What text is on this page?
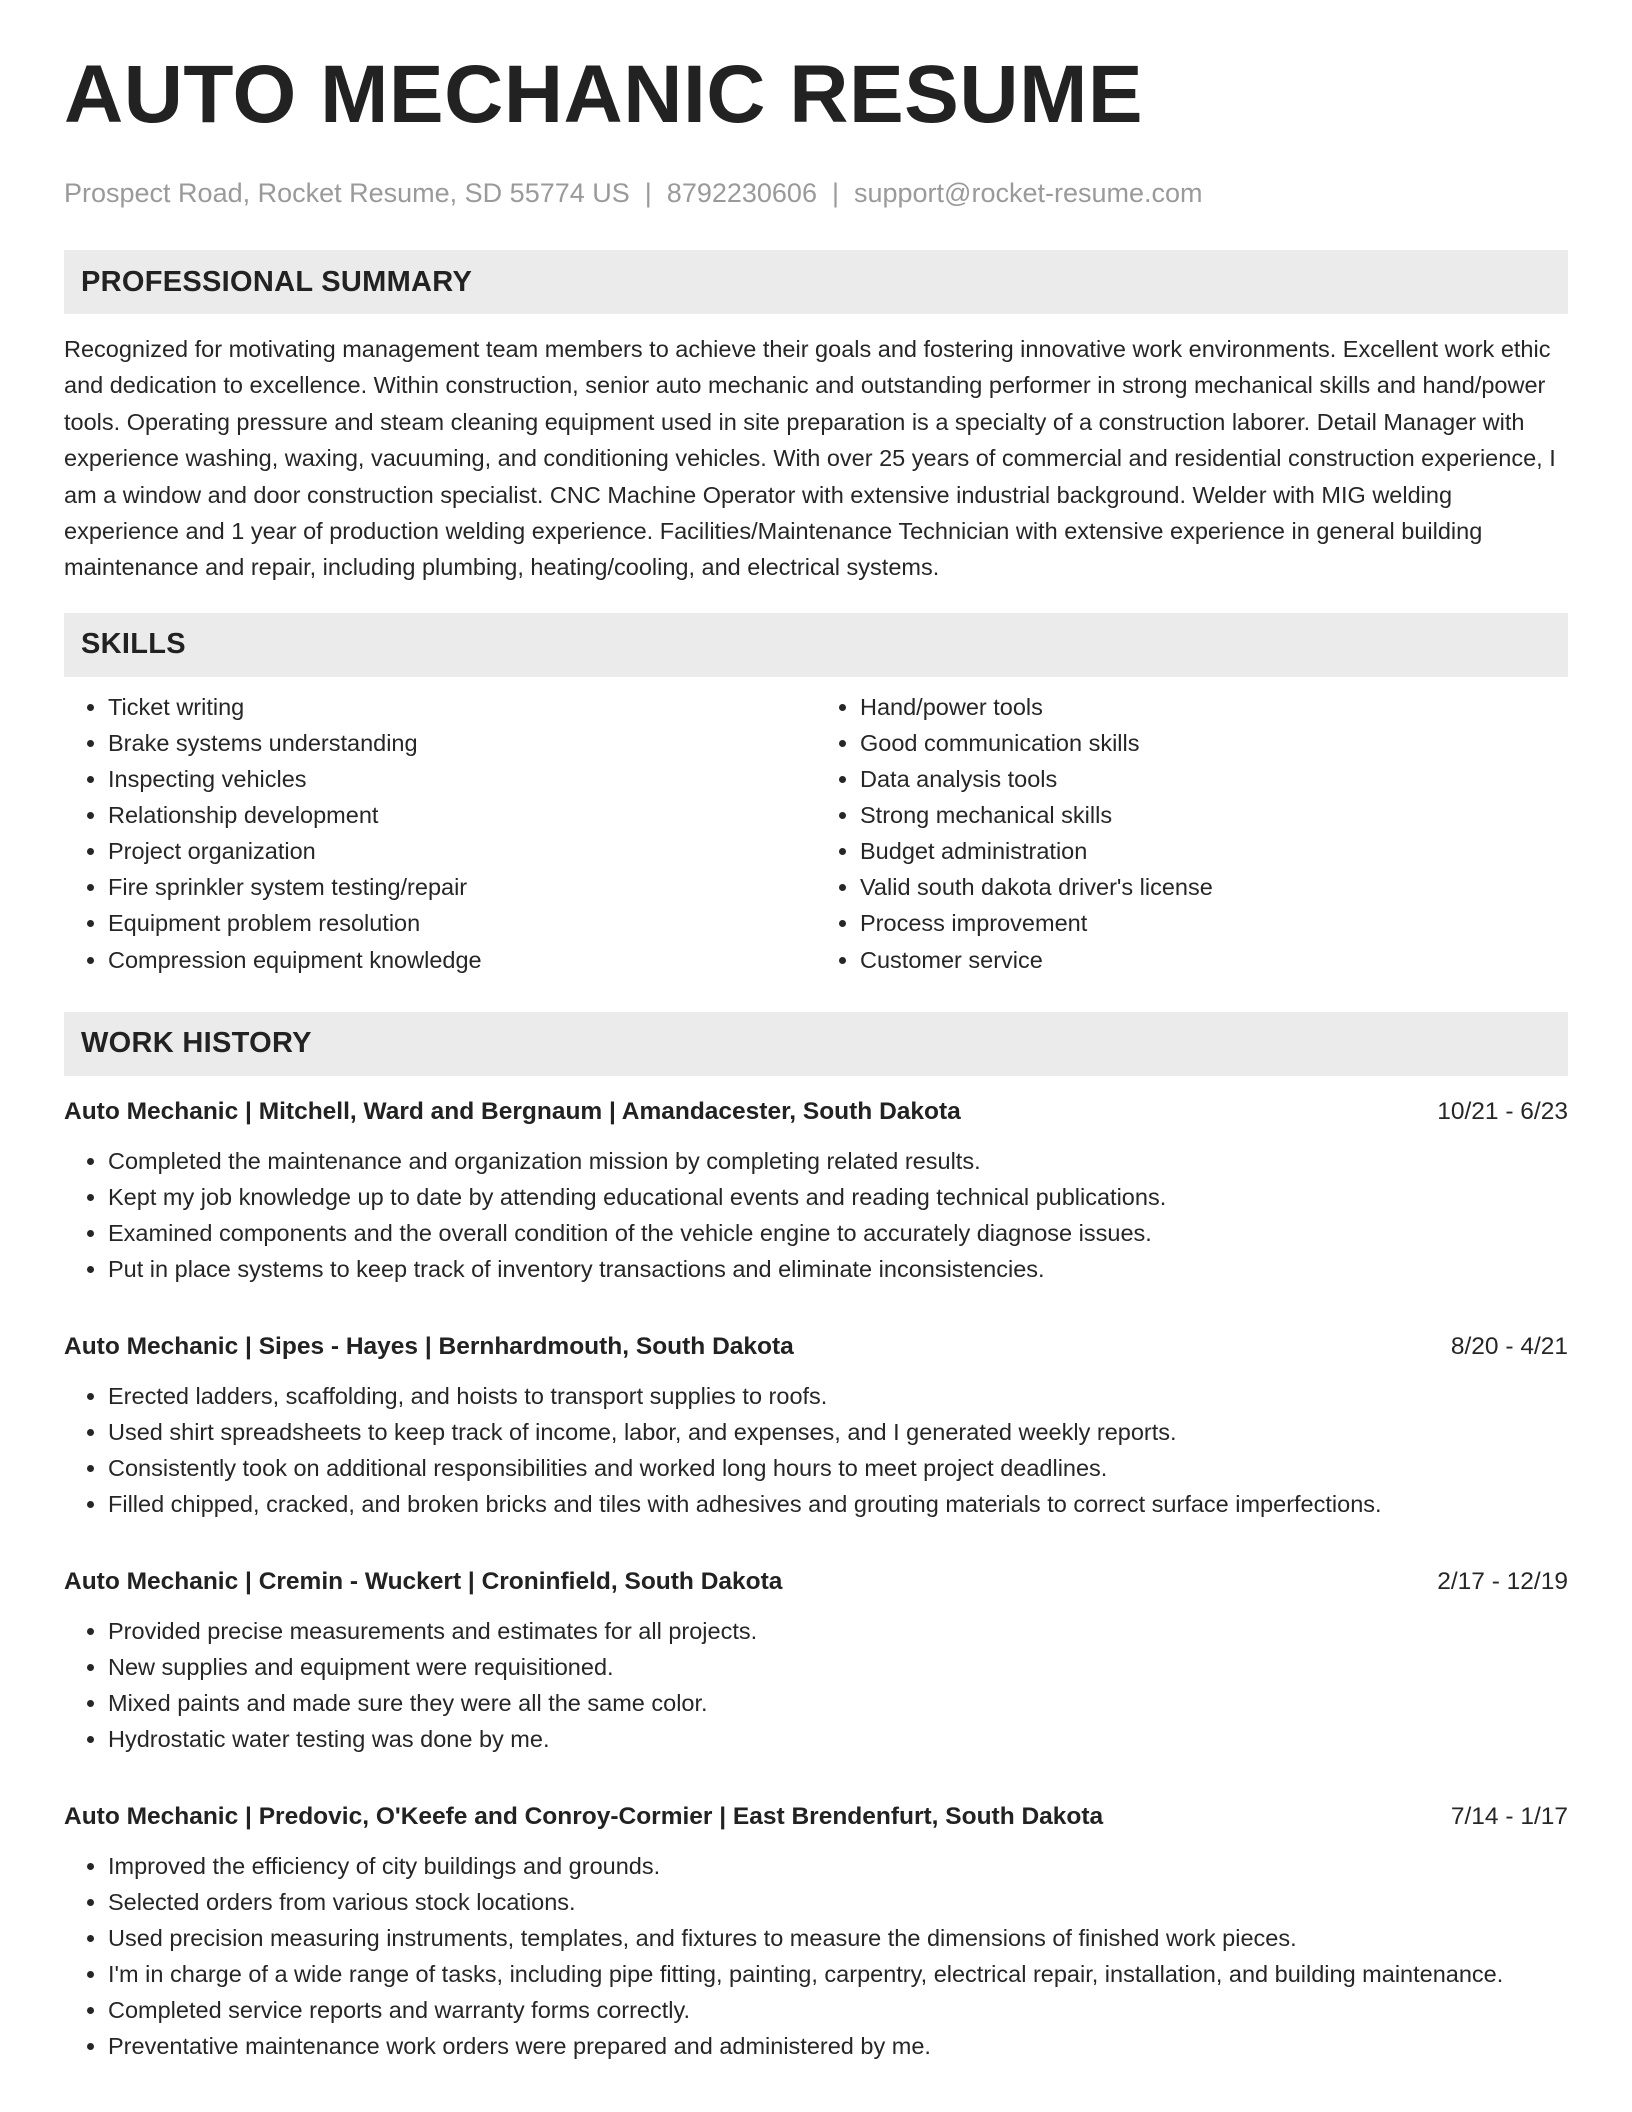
AUTO MECHANIC RESUME
Prospect Road, Rocket Resume, SD 55774 US | 8792230606 | support@rocket-resume.com
PROFESSIONAL SUMMARY
Recognized for motivating management team members to achieve their goals and fostering innovative work environments. Excellent work ethic and dedication to excellence. Within construction, senior auto mechanic and outstanding performer in strong mechanical skills and hand/power tools. Operating pressure and steam cleaning equipment used in site preparation is a specialty of a construction laborer. Detail Manager with experience washing, waxing, vacuuming, and conditioning vehicles. With over 25 years of commercial and residential construction experience, I am a window and door construction specialist. CNC Machine Operator with extensive industrial background. Welder with MIG welding experience and 1 year of production welding experience. Facilities/Maintenance Technician with extensive experience in general building maintenance and repair, including plumbing, heating/cooling, and electrical systems.
SKILLS
• Ticket writing
• Brake systems understanding
• Inspecting vehicles
• Relationship development
• Project organization
• Fire sprinkler system testing/repair
• Equipment problem resolution
• Compression equipment knowledge
• Hand/power tools
• Good communication skills
• Data analysis tools
• Strong mechanical skills
• Budget administration
• Valid south dakota driver's license
• Process improvement
• Customer service
WORK HISTORY
Auto Mechanic | Mitchell, Ward and Bergnaum | Amandacester, South Dakota	10/21 - 6/23
• Completed the maintenance and organization mission by completing related results.
• Kept my job knowledge up to date by attending educational events and reading technical publications.
• Examined components and the overall condition of the vehicle engine to accurately diagnose issues.
• Put in place systems to keep track of inventory transactions and eliminate inconsistencies.
Auto Mechanic | Sipes - Hayes | Bernhardmouth, South Dakota	8/20 - 4/21
• Erected ladders, scaffolding, and hoists to transport supplies to roofs.
• Used shirt spreadsheets to keep track of income, labor, and expenses, and I generated weekly reports.
• Consistently took on additional responsibilities and worked long hours to meet project deadlines.
• Filled chipped, cracked, and broken bricks and tiles with adhesives and grouting materials to correct surface imperfections.
Auto Mechanic | Cremin - Wuckert | Croninfield, South Dakota	2/17 - 12/19
• Provided precise measurements and estimates for all projects.
• New supplies and equipment were requisitioned.
• Mixed paints and made sure they were all the same color.
• Hydrostatic water testing was done by me.
Auto Mechanic | Predovic, O'Keefe and Conroy-Cormier | East Brendenfurt, South Dakota	7/14 - 1/17
• Improved the efficiency of city buildings and grounds.
• Selected orders from various stock locations.
• Used precision measuring instruments, templates, and fixtures to measure the dimensions of finished work pieces.
• I'm in charge of a wide range of tasks, including pipe fitting, painting, carpentry, electrical repair, installation, and building maintenance.
• Completed service reports and warranty forms correctly.
• Preventative maintenance work orders were prepared and administered by me.
